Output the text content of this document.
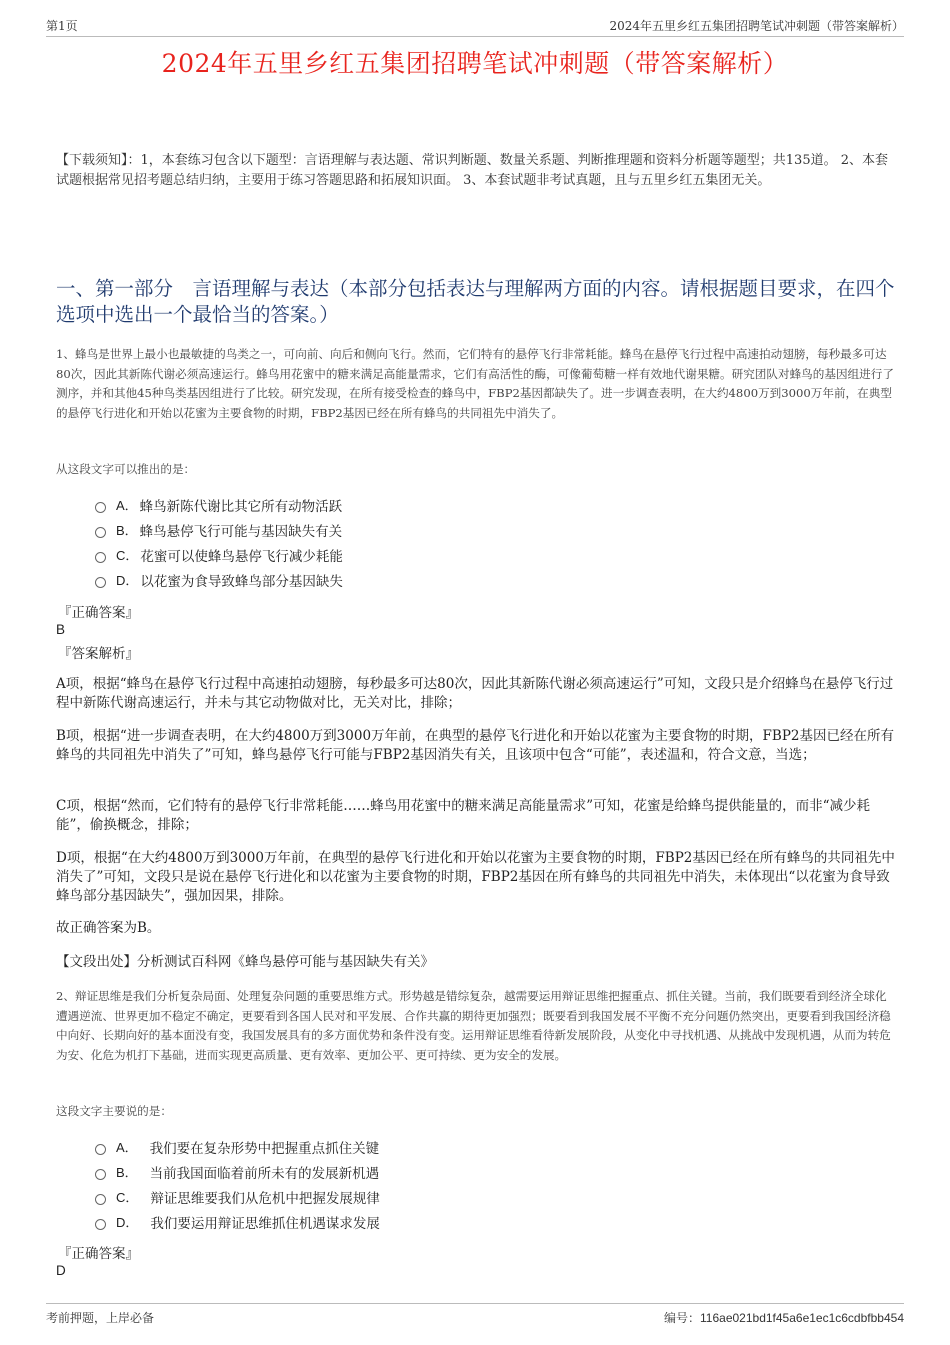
第1页	2024年五里乡红五集团招聘笔试冲刺题（带答案解析）
2024年五里乡红五集团招聘笔试冲刺题（带答案解析）
【下载须知】：1，本套练习包含以下题型：言语理解与表达题、常识判断题、数量关系题、判断推理题和资料分析题等题型；共135道。 2、本套试题根据常见招考题总结归纳，主要用于练习答题思路和拓展知识面。 3、本套试题非考试真题，且与五里乡红五集团无关。
一、第一部分　言语理解与表达（本部分包括表达与理解两方面的内容。请根据题目要求，在四个选项中选出一个最恰当的答案。）
1、蜂鸟是世界上最小也最敏捷的鸟类之一，可向前、向后和侧向飞行。然而，它们特有的悬停飞行非常耗能。蜂鸟在悬停飞行过程中高速拍动翅膀，每秒最多可达80次，因此其新陈代谢必须高速运行。蜂鸟用花蜜中的糖来满足高能量需求，它们有高活性的酶，可像葡萄糖一样有效地代谢果糖。研究团队对蜂鸟的基因组进行了测序，并和其他45种鸟类基因组进行了比较。研究发现，在所有接受检查的蜂鸟中，FBP2基因都缺失了。进一步调查表明，在大约4800万到3000万年前，在典型的悬停飞行进化和开始以花蜜为主要食物的时期，FBP2基因已经在所有蜂鸟的共同祖先中消失了。
从这段文字可以推出的是：
A． 蜂鸟新陈代谢比其它所有动物活跃
B． 蜂鸟悬停飞行可能与基因缺失有关
C． 花蜜可以使蜂鸟悬停飞行减少耗能
D． 以花蜜为食导致蜂鸟部分基因缺失
『正确答案』
B
『答案解析』
A项，根据“蜂鸟在悬停飞行过程中高速拍动翅膀，每秒最多可达80次，因此其新陈代谢必须高速运行”可知，文段只是介绍蜂鸟在悬停飞行过程中新陈代谢高速运行，并未与其它动物做对比，无关对比，排除；
B项，根据“进一步调查表明，在大约4800万到3000万年前，在典型的悬停飞行进化和开始以花蜜为主要食物的时期，FBP2基因已经在所有蜂鸟的共同祖先中消失了”可知，蜂鸟悬停飞行可能与FBP2基因消失有关，且该项中包含“可能”，表述温和，符合文意，当选；
C项，根据“然而，它们特有的悬停飞行非常耗能……蜂鸟用花蜜中的糖来满足高能量需求”可知，花蜜是给蜂鸟提供能量的，而非“减少耗能”，偷换概念，排除；
D项，根据“在大约4800万到3000万年前，在典型的悬停飞行进化和开始以花蜜为主要食物的时期，FBP2基因已经在所有蜂鸟的共同祖先中消失了”可知，文段只是说在悬停飞行进化和以花蜜为主要食物的时期，FBP2基因在所有蜂鸟的共同祖先中消失，未体现出“以花蜜为食导致蜂鸟部分基因缺失”，强加因果，排除。
故正确答案为B。
【文段出处】分析测试百科网《蜂鸟悬停可能与基因缺失有关》
2、辩证思维是我们分析复杂局面、处理复杂问题的重要思维方式。形势越是错综复杂，越需要运用辩证思维把握重点、抓住关键。当前，我们既要看到经济全球化遭遇逆流、世界更加不稳定不确定，更要看到各国人民对和平发展、合作共赢的期待更加强烈；既要看到我国发展不平衡不充分问题仍然突出，更要看到我国经济稳中向好、长期向好的基本面没有变，我国发展具有的多方面优势和条件没有变。运用辩证思维看待新发展阶段，从变化中寻找机遇、从挑战中发现机遇，从而为转危为安、化危为机打下基础，进而实现更高质量、更有效率、更加公平、更可持续、更为安全的发展。
这段文字主要说的是：
A． 我们要在复杂形势中把握重点抓住关键
B． 当前我国面临着前所未有的发展新机遇
C． 辩证思维要我们从危机中把握发展规律
D． 我们要运用辩证思维抓住机遇谋求发展
『正确答案』
D
考前押题，上岸必备	编号：116ae021bd1f45a6e1ec1c6cdbfbb454
